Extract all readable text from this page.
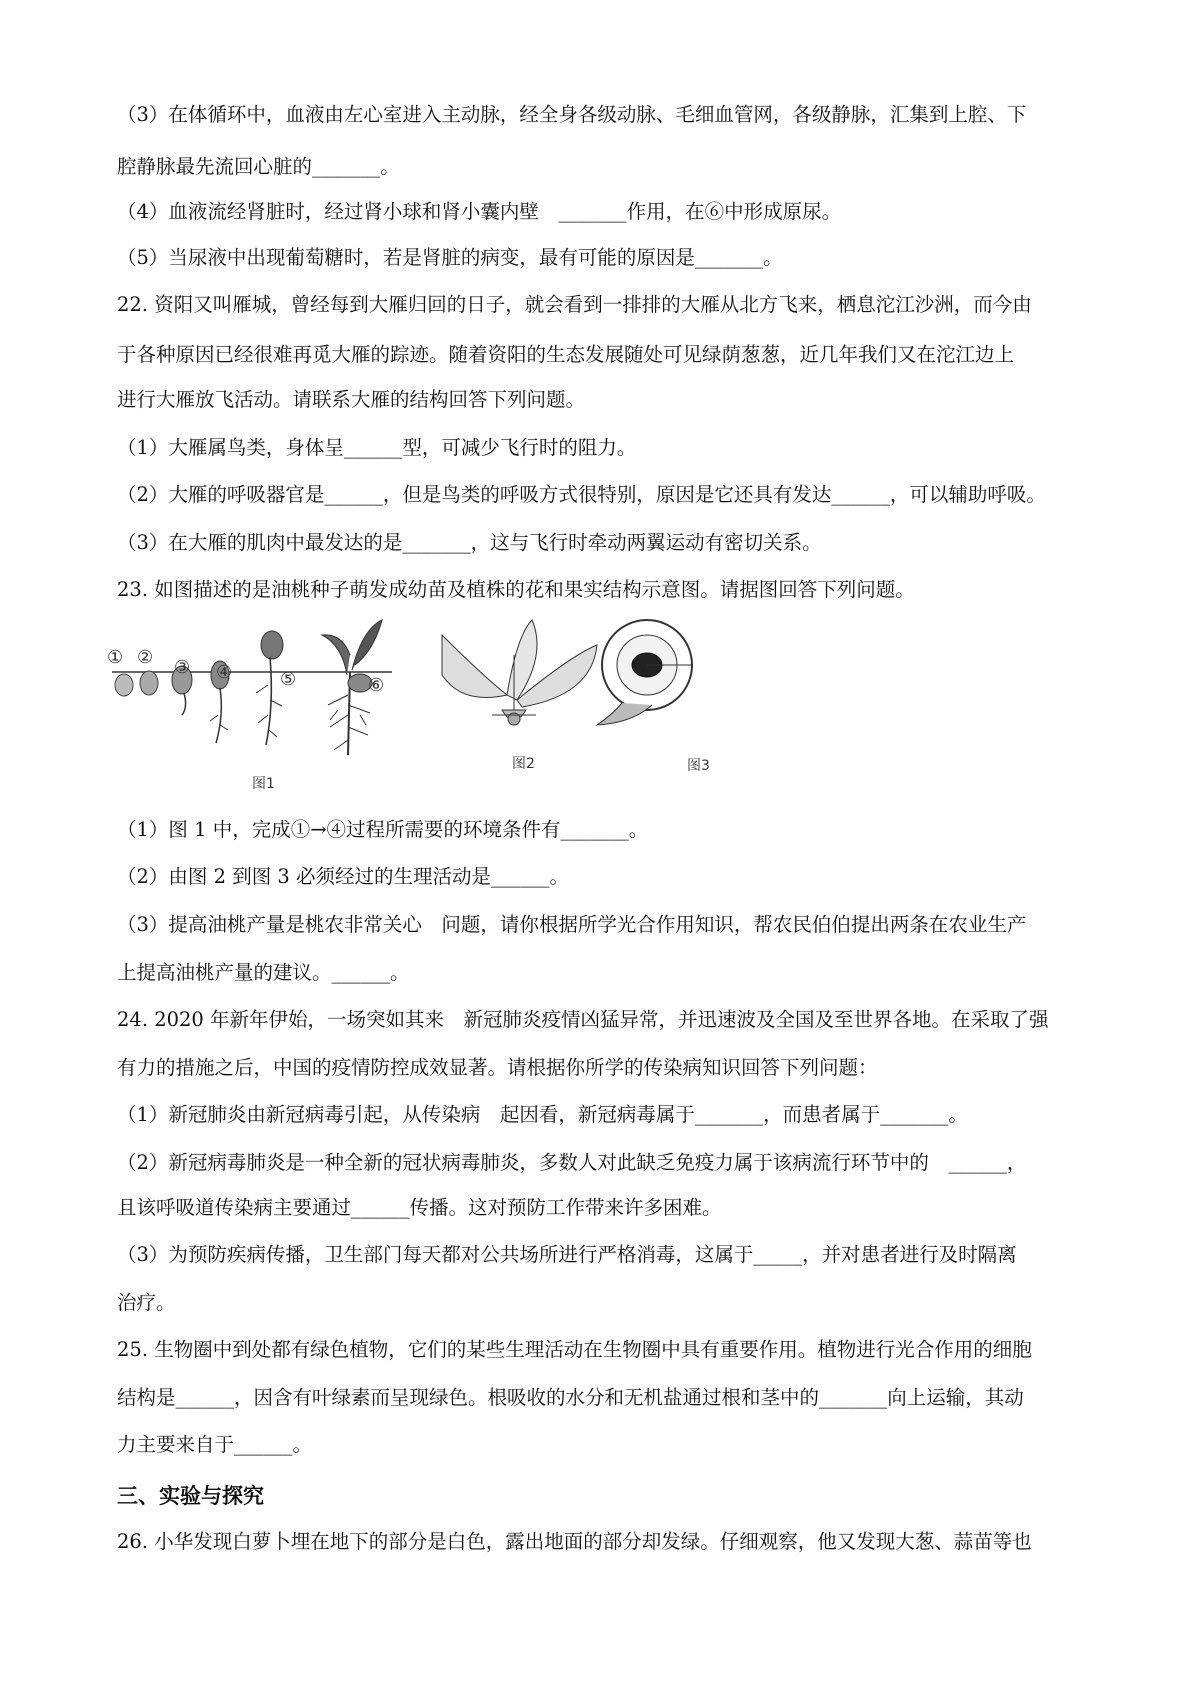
（3）在体循环中，血液由左心室进入主动脉，经全身各级动脉、毛细血管网，各级静脉，汇集到上腔、下
腔静脉最先流回心脏的_______。
（4）血液流经肾脏时，经过肾小球和肾小囊内壁　_______作用，在⑥中形成原尿。
（5）当尿液中出现葡萄糖时，若是肾脏的病变，最有可能的原因是_______。
22. 资阳又叫雁城，曾经每到大雁归回的日子，就会看到一排排的大雁从北方飞来，栖息沱江沙洲，而今由
于各种原因已经很难再觅大雁的踪迹。随着资阳的生态发展随处可见绿荫葱葱，近几年我们又在沱江边上
进行大雁放飞活动。请联系大雁的结构回答下列问题。
（1）大雁属鸟类，身体呈______型，可减少飞行时的阻力。
（2）大雁的呼吸器官是______，但是鸟类的呼吸方式很特别，原因是它还具有发达______，可以辅助呼吸。
（3）在大雁的肌肉中最发达的是_______，这与飞行时牵动两翼运动有密切关系。
23. 如图描述的是油桃种子萌发成幼苗及植株的花和果实结构示意图。请据图回答下列问题。
① ② ③ ④	⑤	⑥
图1
图2	图3
（1）图 1 中，完成①→④过程所需要的环境条件有_______。
（2）由图 2 到图 3 必须经过的生理活动是______。
（3）提高油桃产量是桃农非常关心　问题，请你根据所学光合作用知识，帮农民伯伯提出两条在农业生产
上提高油桃产量的建议。______。
24. 2020 年新年伊始，一场突如其来　新冠肺炎疫情凶猛异常，并迅速波及全国及至世界各地。在采取了强
有力的措施之后，中国的疫情防控成效显著。请根据你所学的传染病知识回答下列问题：
（1）新冠肺炎由新冠病毒引起，从传染病　起因看，新冠病毒属于_______，而患者属于_______。
（2）新冠病毒肺炎是一种全新的冠状病毒肺炎，多数人对此缺乏免疫力属于该病流行环节中的　______，
且该呼吸道传染病主要通过______传播。这对预防工作带来许多困难。
（3）为预防疾病传播，卫生部门每天都对公共场所进行严格消毒，这属于_____，并对患者进行及时隔离
治疗。
25. 生物圈中到处都有绿色植物，它们的某些生理活动在生物圈中具有重要作用。植物进行光合作用的细胞
结构是______，因含有叶绿素而呈现绿色。根吸收的水分和无机盐通过根和茎中的_______向上运输，其动
力主要来自于______。
三、实验与探究
26. 小华发现白萝卜埋在地下的部分是白色，露出地面的部分却发绿。仔细观察，他又发现大葱、蒜苗等也
